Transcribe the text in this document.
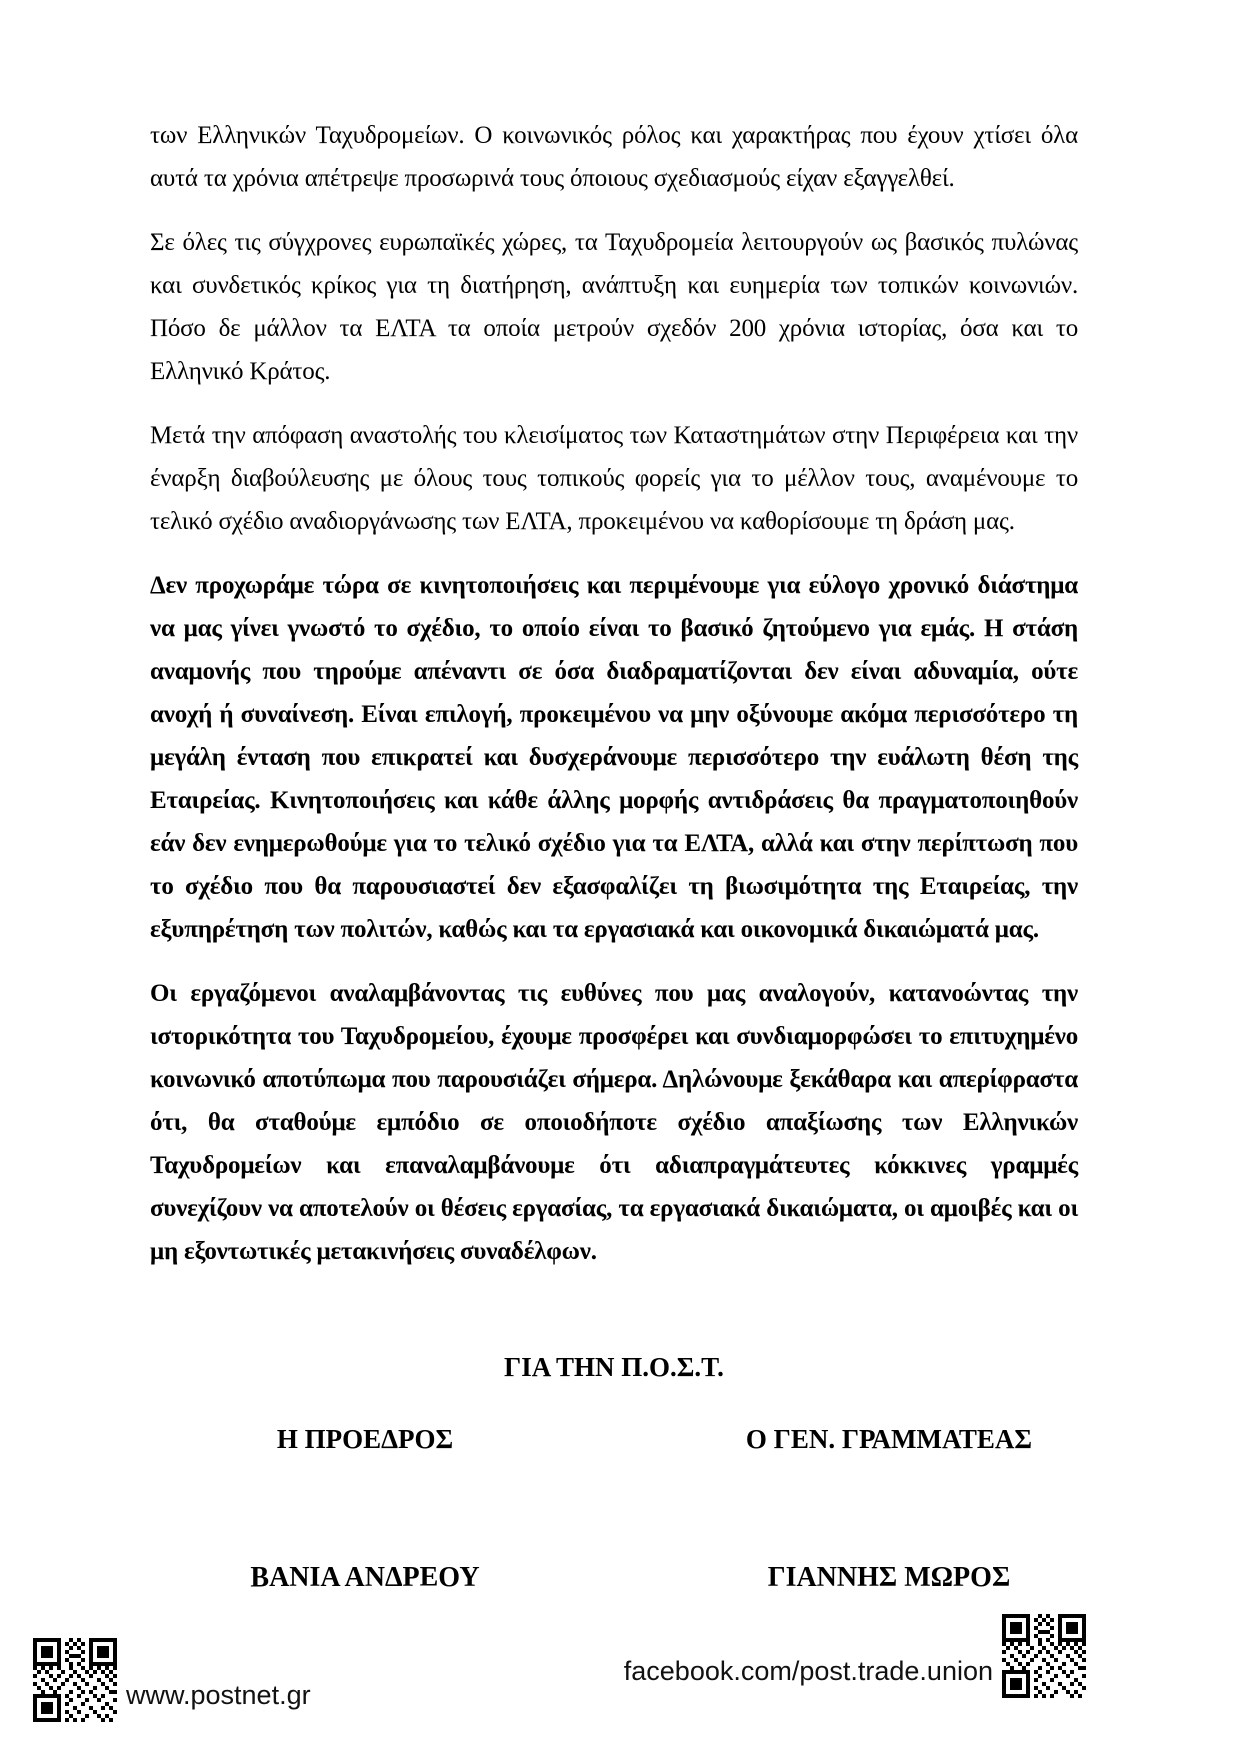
των Ελληνικών Ταχυδρομείων. Ο κοινωνικός ρόλος και χαρακτήρας που έχουν χτίσει όλα αυτά τα χρόνια απέτρεψε προσωρινά τους όποιους σχεδιασμούς είχαν εξαγγελθεί.

Σε όλες τις σύγχρονες ευρωπαϊκές χώρες, τα Ταχυδρομεία λειτουργούν ως βασικός πυλώνας και συνδετικός κρίκος για τη διατήρηση, ανάπτυξη και ευημερία των τοπικών κοινωνιών. Πόσο δε μάλλον τα ΕΛΤΑ τα οποία μετρούν σχεδόν 200 χρόνια ιστορίας, όσα και το Ελληνικό Κράτος.

Μετά την απόφαση αναστολής του κλεισίματος των Καταστημάτων στην Περιφέρεια και την έναρξη διαβούλευσης με όλους τους τοπικούς φορείς για το μέλλον τους, αναμένουμε το τελικό σχέδιο αναδιοργάνωσης των ΕΛΤΑ, προκειμένου να καθορίσουμε τη δράση μας.

Δεν προχωράμε τώρα σε κινητοποιήσεις και περιμένουμε για εύλογο χρονικό διάστημα να μας γίνει γνωστό το σχέδιο, το οποίο είναι το βασικό ζητούμενο για εμάς. Η στάση αναμονής που τηρούμε απέναντι σε όσα διαδραματίζονται δεν είναι αδυναμία, ούτε ανοχή ή συναίνεση. Είναι επιλογή, προκειμένου να μην οξύνουμε ακόμα περισσότερο τη μεγάλη ένταση που επικρατεί και δυσχεράνουμε περισσότερο την ευάλωτη θέση της Εταιρείας. Κινητοποιήσεις και κάθε άλλης μορφής αντιδράσεις θα πραγματοποιηθούν εάν δεν ενημερωθούμε για το τελικό σχέδιο για τα ΕΛΤΑ, αλλά και στην περίπτωση που το σχέδιο που θα παρουσιαστεί δεν εξασφαλίζει τη βιωσιμότητα της Εταιρείας, την εξυπηρέτηση των πολιτών, καθώς και τα εργασιακά και οικονομικά δικαιώματά μας.

Οι εργαζόμενοι αναλαμβάνοντας τις ευθύνες που μας αναλογούν, κατανοώντας την ιστορικότητα του Ταχυδρομείου, έχουμε προσφέρει και συνδιαμορφώσει το επιτυχημένο κοινωνικό αποτύπωμα που παρουσιάζει σήμερα. Δηλώνουμε ξεκάθαρα και απερίφραστα ότι, θα σταθούμε εμπόδιο σε οποιοδήποτε σχέδιο απαξίωσης των Ελληνικών Ταχυδρομείων και επαναλαμβάνουμε ότι αδιαπραγμάτευτες κόκκινες γραμμές συνεχίζουν να αποτελούν οι θέσεις εργασίας, τα εργασιακά δικαιώματα, οι αμοιβές και οι μη εξοντωτικές μετακινήσεις συναδέλφων.

ΓΙΑ ΤΗΝ Π.Ο.Σ.Τ.
Η ΠΡΟΕΔΡΟΣ	Ο ΓΕΝ. ΓΡΑΜΜΑΤΕΑΣ
ΒΑΝΙΑ ΑΝΔΡΕΟΥ	ΓΙΑΝΝΗΣ ΜΩΡΟΣ
www.postnet.gr
facebook.com/post.trade.union
